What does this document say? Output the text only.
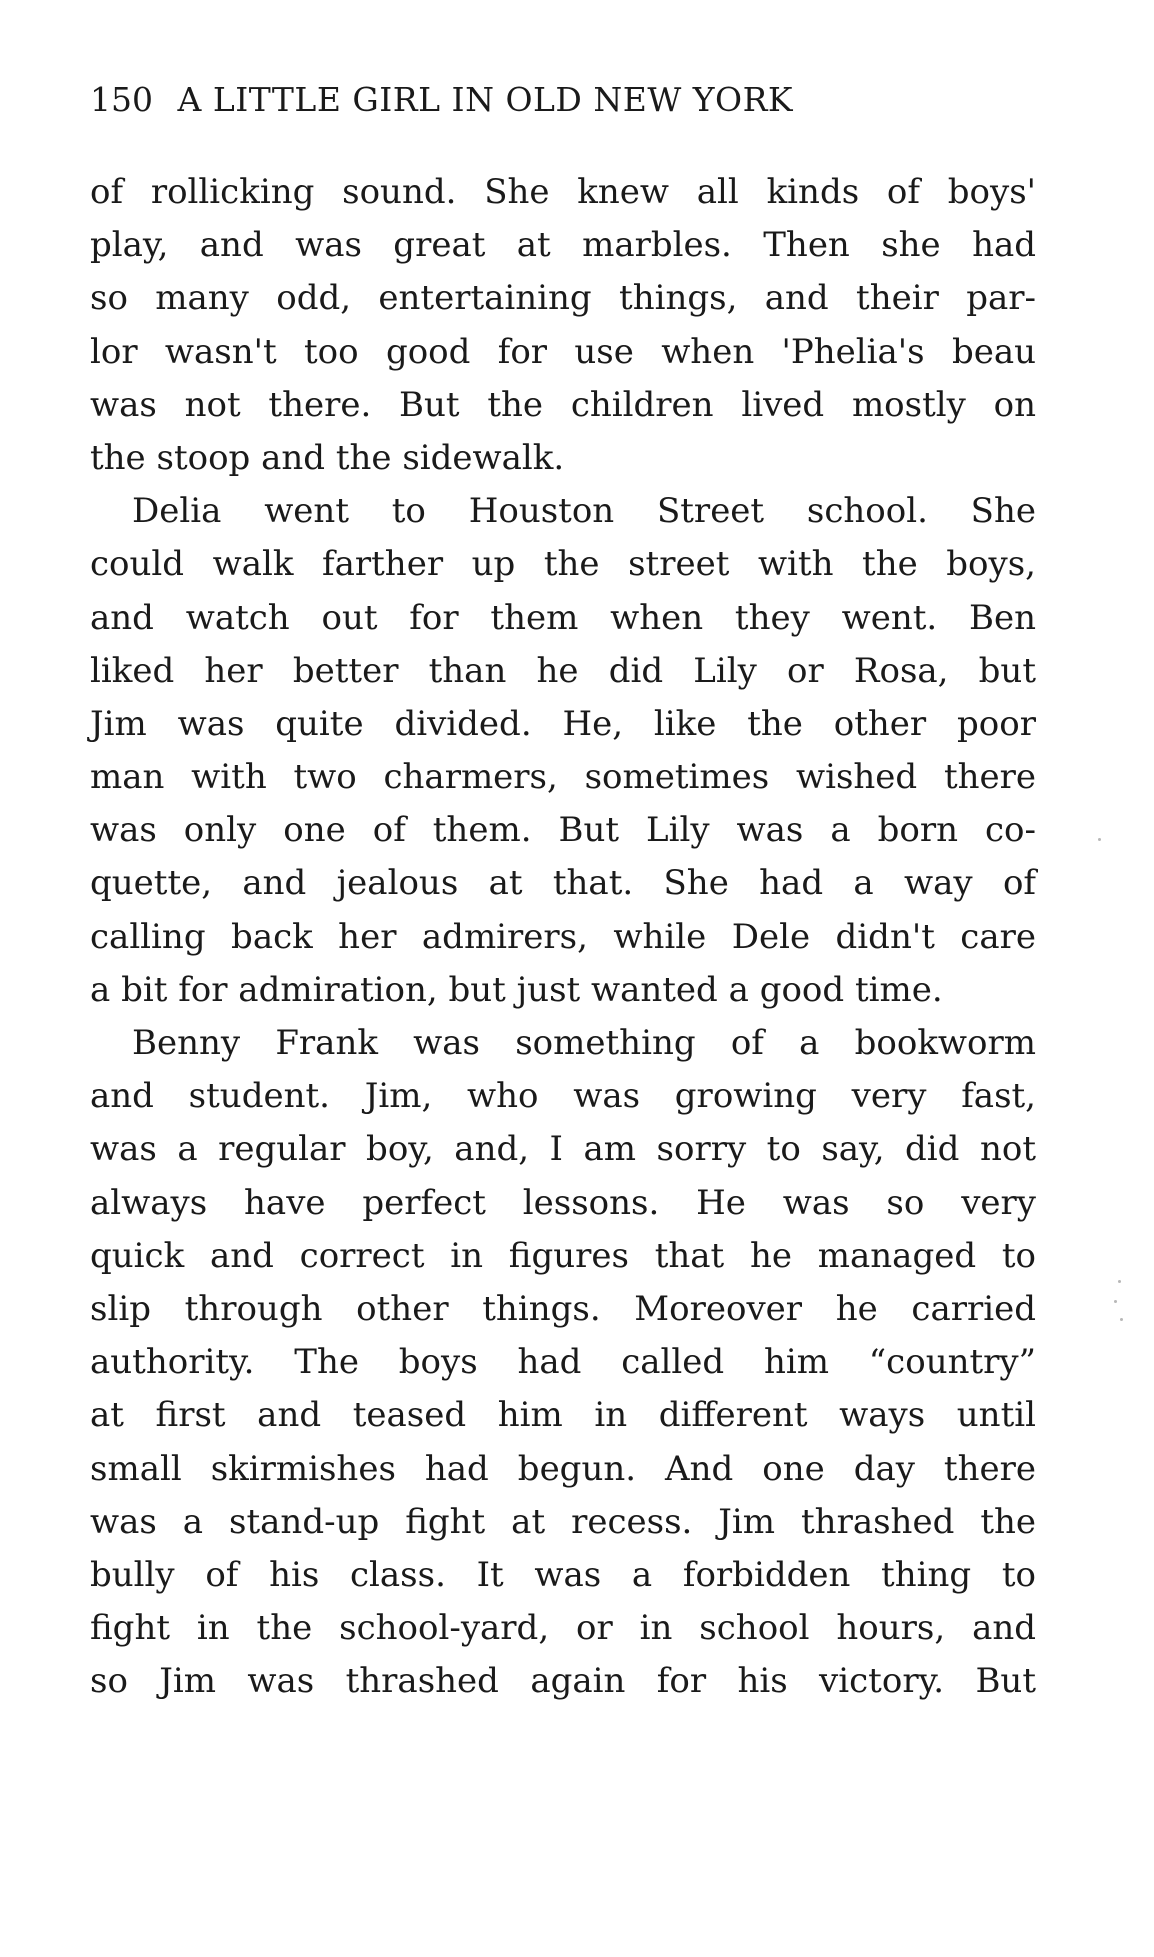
150 A LITTLE GIRL IN OLD NEW YORK
of rollicking sound. She knew all kinds of boys'
play, and was great at marbles. Then she had
so many odd, entertaining things, and their par-
lor wasn't too good for use when 'Phelia's beau
was not there. But the children lived mostly on
the stoop and the sidewalk.
Delia went to Houston Street school. She
could walk farther up the street with the boys,
and watch out for them when they went. Ben
liked her better than he did Lily or Rosa, but
Jim was quite divided. He, like the other poor
man with two charmers, sometimes wished there
was only one of them. But Lily was a born co-
quette, and jealous at that. She had a way of
calling back her admirers, while Dele didn't care
a bit for admiration, but just wanted a good time.
Benny Frank was something of a bookworm
and student. Jim, who was growing very fast,
was a regular boy, and, I am sorry to say, did not
always have perfect lessons. He was so very
quick and correct in figures that he managed to
slip through other things. Moreover he carried
authority. The boys had called him “country”
at first and teased him in different ways until
small skirmishes had begun. And one day there
was a stand-up fight at recess. Jim thrashed the
bully of his class. It was a forbidden thing to
fight in the school-yard, or in school hours, and
so Jim was thrashed again for his victory. But
